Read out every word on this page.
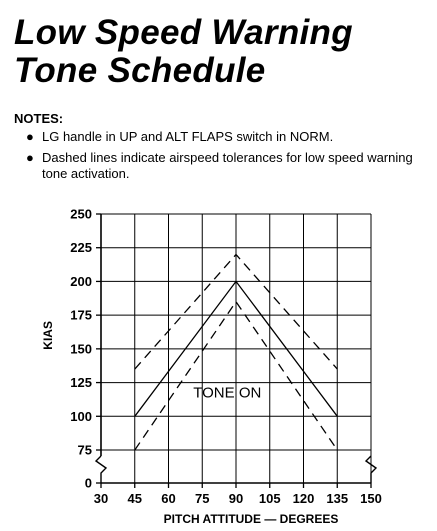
Low Speed Warning
Tone Schedule
NOTES:
● LG handle in UP and ALT FLAPS switch in NORM.
● Dashed lines indicate airspeed tolerances for low speed warning tone activation.
30 45 60 75 90 105 120 135 150
0
75
100
125
150
175
200
225
250
TONE ON
PITCH ATTITUDE — DEGREES
KIAS
